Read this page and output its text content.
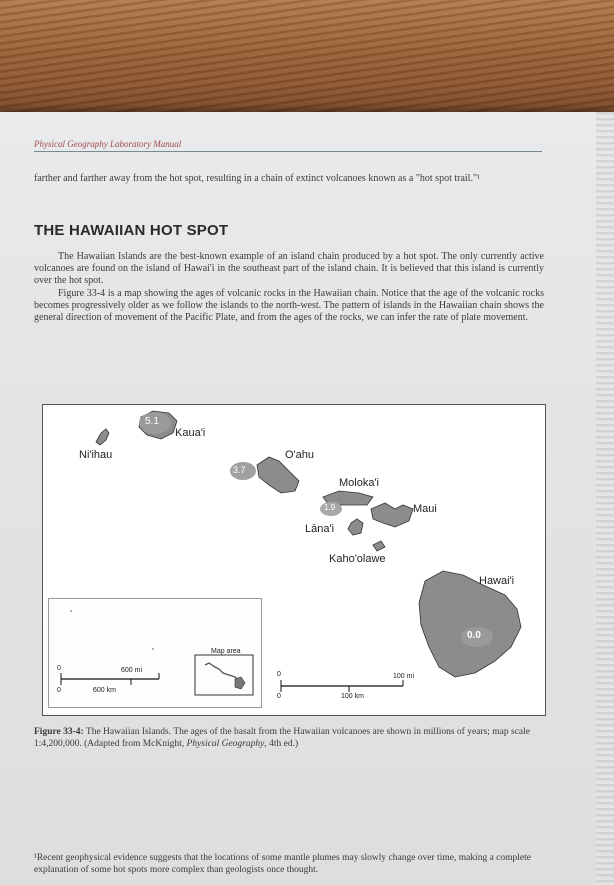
Physical Geography Laboratory Manual

farther and farther away from the hot spot, resulting in a chain of extinct volcanoes known as a "hot spot trail."¹

THE HAWAIIAN HOT SPOT

The Hawaiian Islands are the best-known example of an island chain produced by a hot spot. The only currently active volcanoes are found on the island of Hawai'i in the southeast part of the island chain. It is believed that this island is currently over the hot spot.

Figure 33-4 is a map showing the ages of volcanic rocks in the Hawaiian chain. Notice that the age of the volcanic rocks becomes progressively older as we follow the islands to the north-west. The pattern of islands in the Hawaiian chain shows the general direction of movement of the Pacific Plate, and from the ages of the rocks, we can infer the rate of plate movement.

Ni'ihau
Kaua'i
O'ahu
Moloka'i
Maui
Lāna'i
Kaho'olawe
Hawai'i
5.1
3.7
1.9
0.0
0	100 mi
0	100 km
Map area
0	600 mi
0	600 km

Figure 33-4: The Hawaiian Islands. The ages of the basalt from the Hawaiian volcanoes are shown in millions of years; map scale 1:4,200,000. (Adapted from McKnight, Physical Geography, 4th ed.)

¹Recent geophysical evidence suggests that the locations of some mantle plumes may slowly change over time, making a complete explanation of some hot spots more complex than geologists once thought.
